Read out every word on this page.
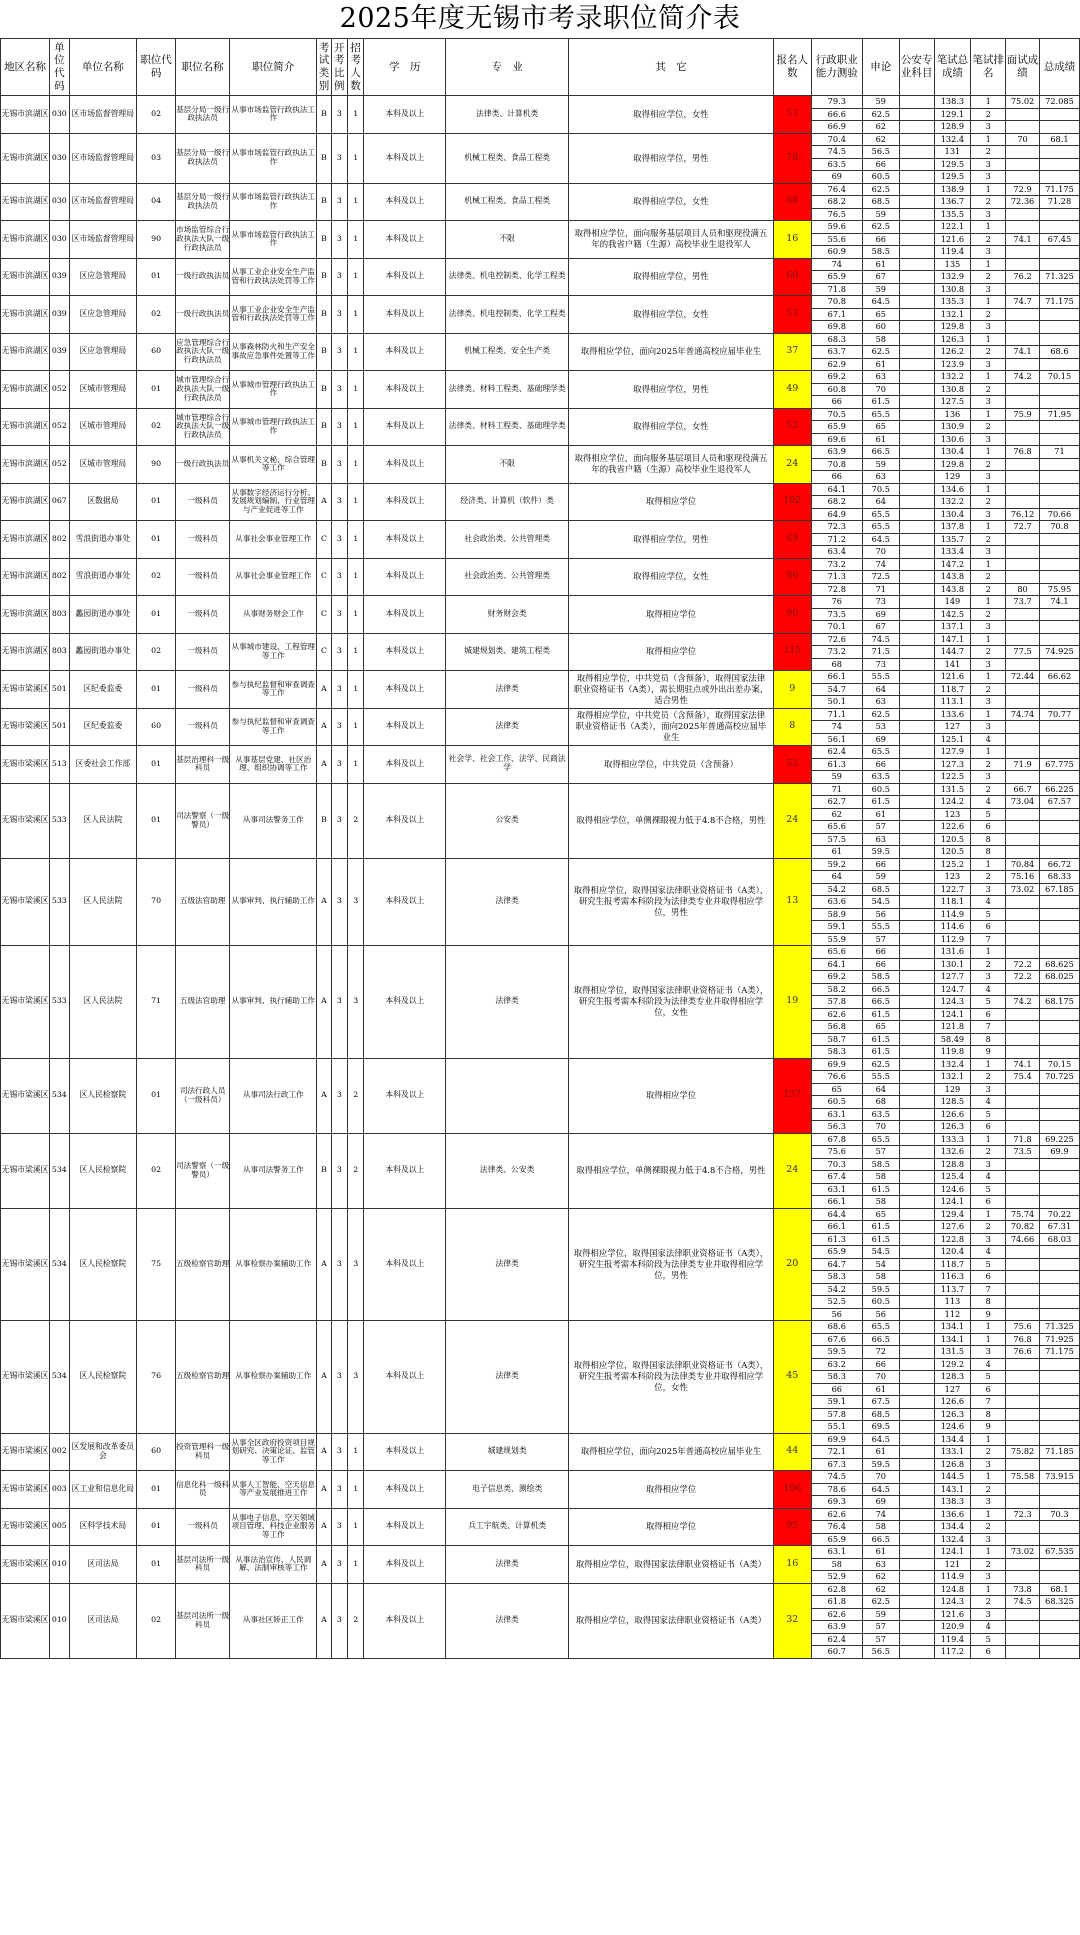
2025年度无锡市考录职位简介表
地区名称	单位代码	单位名称	职位代码	职位名称	职位简介	考试类别	开考比例	招考人数	学　历	专　业	其　它	报名人数	行政职业能力测验	申论	公安专业科目	笔试总成绩	笔试排名	面试成绩	总成绩
无锡市滨湖区	030	区市场监督管理局	02	基层分局一级行政执法员	从事市场监管行政执法工作	B	3	1	本科及以上	法律类、计算机类	取得相应学位，女性	53	79.3	59		138.3	1	75.02	72.085
													66.6	62.5		129.1	2		
													66.9	62		128.9	3		
无锡市滨湖区	030	区市场监督管理局	03	基层分局一级行政执法员	从事市场监管行政执法工作	B	3	1	本科及以上	机械工程类、食品工程类	取得相应学位，男性	78	70.4	62		132.4	1	70	68.1
													74.5	56.5		131	2		
													63.5	66		129.5	3		
													69	60.5		129.5	3		
无锡市滨湖区	030	区市场监督管理局	04	基层分局一级行政执法员	从事市场监管行政执法工作	B	3	1	本科及以上	机械工程类、食品工程类	取得相应学位，女性	68	76.4	62.5		138.9	1	72.9	71.175
													68.2	68.5		136.7	2	72.36	71.28
													76.5	59		135.5	3		
无锡市滨湖区	030	区市场监督管理局	90	市场监管综合行政执法大队一级行政执法员	从事市场监管行政执法工作	B	3	1	本科及以上	不限	取得相应学位，面向服务基层项目人员和驱现役满五年的我省户籍（生源）高校毕业生退役军人	16	59.6	62.5		122.1	1		
													55.6	66		121.6	2	74.1	67.45
													60.9	58.5		119.4	3		
无锡市滨湖区	039	区应急管理局	01	一级行政执法员	从事工业企业安全生产监管和行政执法处罚等工作	B	3	1	本科及以上	法律类、机电控制类、化学工程类	取得相应学位，男性	60	74	61		135	1		
													65.9	67		132.9	2	76.2	71.325
													71.8	59		130.8	3		
无锡市滨湖区	039	区应急管理局	02	一级行政执法员	从事工业企业安全生产监管和行政执法处罚等工作	B	3	1	本科及以上	法律类、机电控制类、化学工程类	取得相应学位，女性	53	70.8	64.5		135.3	1	74.7	71.175
													67.1	65		132.1	2		
													69.8	60		129.8	3		
无锡市滨湖区	039	区应急管理局	60	应急管理综合行政执法大队一级行政执法员	从事森林防火和生产安全事故应急事件处置等工作	B	3	1	本科及以上	机械工程类、安全生产类	取得相应学位，面向2025年普通高校应届毕业生	37	68.3	58		126.3	1		
													63.7	62.5		126.2	2	74.1	68.6
													62.9	61		123.9	3		
无锡市滨湖区	052	区城市管理局	01	城市管理综合行政执法大队一级行政执法员	从事城市管理行政执法工作	B	3	1	本科及以上	法律类、材料工程类、基础理学类	取得相应学位，男性	49	69.2	63		132.2	1	74.2	70.15
													60.8	70		130.8	2		
													66	61.5		127.5	3		
无锡市滨湖区	052	区城市管理局	02	城市管理综合行政执法大队一级行政执法员	从事城市管理行政执法工作	B	3	1	本科及以上	法律类、材料工程类、基础理学类	取得相应学位，女性	52	70.5	65.5		136	1	75.9	71.95
													65.9	65		130.9	2		
													69.6	61		130.6	3		
无锡市滨湖区	052	区城市管理局	90	一级行政执法员	从事机关文秘、综合管理等工作	B	3	1	本科及以上	不限	取得相应学位，面向服务基层项目人员和驱现役满五年的我省户籍（生源）高校毕业生退役军人	24	63.9	66.5		130.4	1	76.8	71
													70.8	59		129.8	2		
													66	63		129	3		
无锡市滨湖区	067	区数据局	01	一级科员	从事数字经济运行分析、发展规划编制、行业管理与产业促进等工作	A	3	1	本科及以上	经济类、计算机（软件）类	取得相应学位	102	64.1	70.5		134.6	1		
													68.2	64		132.2	2		
													64.9	65.5		130.4	3	76.12	70.66
无锡市滨湖区	802	雪浪街道办事处	01	一级科员	从事社会事业管理工作	C	3	1	本科及以上	社会政治类、公共管理类	取得相应学位，男性	69	72.3	65.5		137.8	1	72.7	70.8
													71.2	64.5		135.7	2		
													63.4	70		133.4	3		
无锡市滨湖区	802	雪浪街道办事处	02	一级科员	从事社会事业管理工作	C	3	1	本科及以上	社会政治类、公共管理类	取得相应学位，女性	96	73.2	74		147.2	1		
													71.3	72.5		143.8	2		
													72.8	71		143.8	2	80	75.95
无锡市滨湖区	803	蠡园街道办事处	01	一级科员	从事财务财会工作	C	3	1	本科及以上	财务财会类	取得相应学位	90	76	73		149	1	73.7	74.1
													73.5	69		142.5	2		
													70.1	67		137.1	3		
无锡市滨湖区	803	蠡园街道办事处	02	一级科员	从事城市建设、工程管理等工作	C	3	1	本科及以上	城建规划类、建筑工程类	取得相应学位	115	72.6	74.5		147.1	1		
													73.2	71.5		144.7	2	77.5	74.925
													68	73		141	3		
无锡市梁溪区	501	区纪委监委	01	一级科员	参与执纪监督和审查调查等工作	A	3	1	本科及以上	法律类	取得相应学位，中共党员（含预备），取得国家法律职业资格证书（A类），需长期驻点或外出出差办案，适合男性	9	66.1	55.5		121.6	1	72.44	66.62
													54.7	64		118.7	2		
													50.1	63		113.1	3		
无锡市梁溪区	501	区纪委监委	60	一级科员	参与执纪监督和审查调查等工作	A	3	1	本科及以上	法律类	取得相应学位，中共党员（含预备），取得国家法律职业资格证书（A类），面向2025年普通高校应届毕业生	8	71.1	62.5		133.6	1	74.74	70.77
													74	53		127	3		
													56.1	69		125.1	4		
无锡市梁溪区	513	区委社会工作部	01	基层治理科一级科员	从事基层党建、社区治理、组织协调等工作	A	3	1	本科及以上	社会学、社会工作、法学、民商法学	取得相应学位，中共党员（含预备）	52	62.4	65.5		127.9	1		
													61.3	66		127.3	2	71.9	67.775
													59	63.5		122.5	3		
无锡市梁溪区	533	区人民法院	01	司法警察（一级警员）	从事司法警务工作	B	3	2	本科及以上	公安类	取得相应学位，单侧裸眼视力低于4.8不合格，男性	24	71	60.5		131.5	2	66.7	66.225
													62.7	61.5		124.2	4	73.04	67.57
													62	61		123	5		
													65.6	57		122.6	6		
													57.5	63		120.5	8		
													61	59.5		120.5	8		
无锡市梁溪区	533	区人民法院	70	五级法官助理	从事审判、执行辅助工作	A	3	3	本科及以上	法律类	取得相应学位，取得国家法律职业资格证书（A类），研究生报考需本科阶段为法律类专业并取得相应学位，男性	13	59.2	66		125.2	1	70.84	66.72
													64	59		123	2	75.16	68.33
													54.2	68.5		122.7	3	73.02	67.185
													63.6	54.5		118.1	4		
													58.9	56		114.9	5		
													59.1	55.5		114.6	6		
													55.9	57		112.9	7		
无锡市梁溪区	533	区人民法院	71	五级法官助理	从事审判、执行辅助工作	A	3	3	本科及以上	法律类	取得相应学位，取得国家法律职业资格证书（A类），研究生报考需本科阶段为法律类专业并取得相应学位，女性	19	65.6	66		131.6	1		
													64.1	66		130.1	2	72.2	68.625
													69.2	58.5		127.7	3	72.2	68.025
													58.2	66.5		124.7	4		
													57.8	66.5		124.3	5	74.2	68.175
													62.6	61.5		124.1	6		
													56.8	65		121.8	7		
													58.7	61.5		58.49	8		
													58.3	61.5		119.8	9		
无锡市梁溪区	534	区人民检察院	01	司法行政人员（一级科员）	从事司法行政工作	A	3	2	本科及以上		取得相应学位	137	69.9	62.5		132.4	1	74.1	70.15
													76.6	55.5		132.1	2	75.4	70.725
													65	64		129	3		
													60.5	68		128.5	4		
													63.1	63.5		126.6	5		
													56.3	70		126.3	6		
无锡市梁溪区	534	区人民检察院	02	司法警察（一级警员）	从事司法警务工作	B	3	2	本科及以上	法律类、公安类	取得相应学位，单侧裸眼视力低于4.8不合格，男性	24	67.8	65.5		133.3	1	71.8	69.225
													75.6	57		132.6	2	73.5	69.9
													70.3	58.5		128.8	3		
													67.4	58		125.4	4		
													63.1	61.5		124.6	5		
													66.1	58		124.1	6		
无锡市梁溪区	534	区人民检察院	75	五级检察官助理	从事检察办案辅助工作	A	3	3	本科及以上	法律类	取得相应学位，取得国家法律职业资格证书（A类），研究生报考需本科阶段为法律类专业并取得相应学位，男性	20	64.4	65		129.4	1	75.74	70.22
													66.1	61.5		127.6	2	70.82	67.31
													61.3	61.5		122.8	3	74.66	68.03
													65.9	54.5		120.4	4		
													64.7	54		118.7	5		
													58.3	58		116.3	6		
													54.2	59.5		113.7	7		
													52.5	60.5		113	8		
													56	56		112	9		
无锡市梁溪区	534	区人民检察院	76	五级检察官助理	从事检察办案辅助工作	A	3	3	本科及以上	法律类	取得相应学位，取得国家法律职业资格证书（A类），研究生报考需本科阶段为法律类专业并取得相应学位，女性	45	68.6	65.5		134.1	1	75.6	71.325
													67.6	66.5		134.1	1	76.8	71.925
													59.5	72		131.5	3	76.6	71.175
													63.2	66		129.2	4		
													58.3	70		128.3	5		
													66	61		127	6		
													59.1	67.5		126.6	7		
													57.8	68.5		126.3	8		
													55.1	69.5		124.6	9		
无锡市梁溪区	002	区发展和改革委员会	60	投资管理科一级科员	从事全区政府投资项目规划研究、决策论证、监管等工作	A	3	1	本科及以上	城建规划类	取得相应学位，面向2025年普通高校应届毕业生	44	69.9	64.5		134.4	1		
													72.1	61		133.1	2	75.82	71.185
													67.3	59.5		126.8	3		
无锡市梁溪区	003	区工业和信息化局	01	信息化科一级科员	从事人工智能、空天信息等产业发展推进工作	A	3	1	本科及以上	电子信息类、测绘类	取得相应学位	106	74.5	70		144.5	1	75.58	73.915
													78.6	64.5		143.1	2		
													69.3	69		138.3	3		
无锡市梁溪区	005	区科学技术局	01	一级科员	从事电子信息、空天领域项目管理、科技企业服务等工作	A	3	1	本科及以上	兵工宇航类、计算机类	取得相应学位	95	62.6	74		136.6	1	72.3	70.3
													76.4	58		134.4	2		
													65.9	66.5		132.4	3		
无锡市梁溪区	010	区司法局	01	基层司法所一级科员	从事法治宣传、人民调解、法制审核等工作	A	3	1	本科及以上	法律类	取得相应学位，取得国家法律职业资格证书（A类）	16	63.1	61		124.1	1	73.02	67.535
													58	63		121	2		
													52.9	62		114.9	3		
无锡市梁溪区	010	区司法局	02	基层司法所一级科员	从事社区矫正工作	A	3	2	本科及以上	法律类	取得相应学位，取得国家法律职业资格证书（A类）	32	62.8	62		124.8	1	73.8	68.1
													61.8	62.5		124.3	2	74.5	68.325
													62.6	59		121.6	3		
													63.9	57		120.9	4		
													62.4	57		119.4	5		
													60.7	56.5		117.2	6		
